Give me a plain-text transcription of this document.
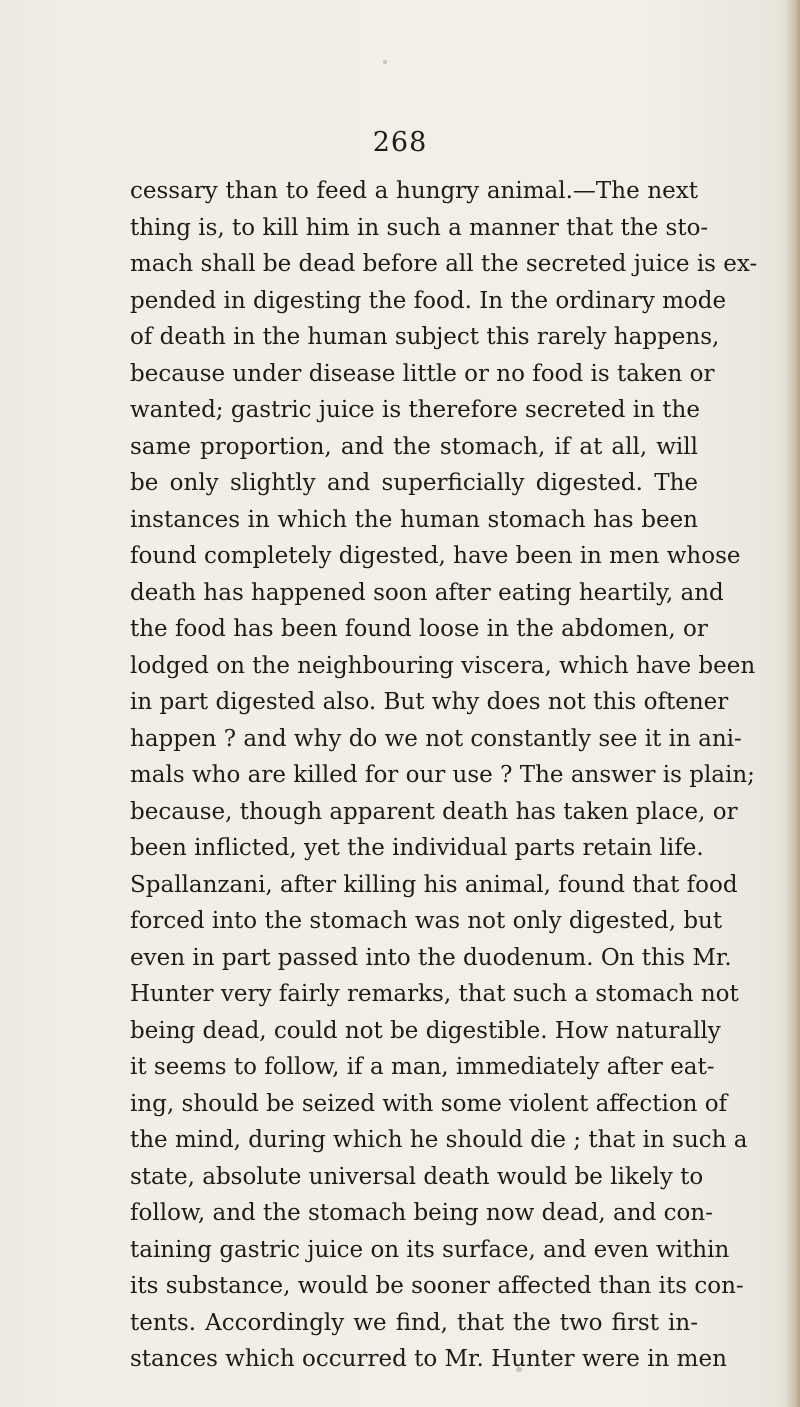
268
cessary than to feed a hungry animal.—The next
thing is, to kill him in such a manner that the sto-
mach shall be dead before all the secreted juice is ex-
pended in digesting the food. In the ordinary mode
of death in the human subject this rarely happens,
because under disease little or no food is taken or
wanted; gastric juice is therefore secreted in the
same proportion, and the stomach, if at all, will
be only slightly and superficially digested. The
instances in which the human stomach has been
found completely digested, have been in men whose
death has happened soon after eating heartily, and
the food has been found loose in the abdomen, or
lodged on the neighbouring viscera, which have been
in part digested also. But why does not this oftener
happen ? and why do we not constantly see it in ani-
mals who are killed for our use ? The answer is plain;
because, though apparent death has taken place, or
been inflicted, yet the individual parts retain life.
Spallanzani, after killing his animal, found that food
forced into the stomach was not only digested, but
even in part passed into the duodenum. On this Mr.
Hunter very fairly remarks, that such a stomach not
being dead, could not be digestible. How naturally
it seems to follow, if a man, immediately after eat-
ing, should be seized with some violent affection of
the mind, during which he should die ; that in such a
state, absolute universal death would be likely to
follow, and the stomach being now dead, and con-
taining gastric juice on its surface, and even within
its substance, would be sooner affected than its con-
tents. Accordingly we find, that the two first in-
stances which occurred to Mr. Hunter were in men
